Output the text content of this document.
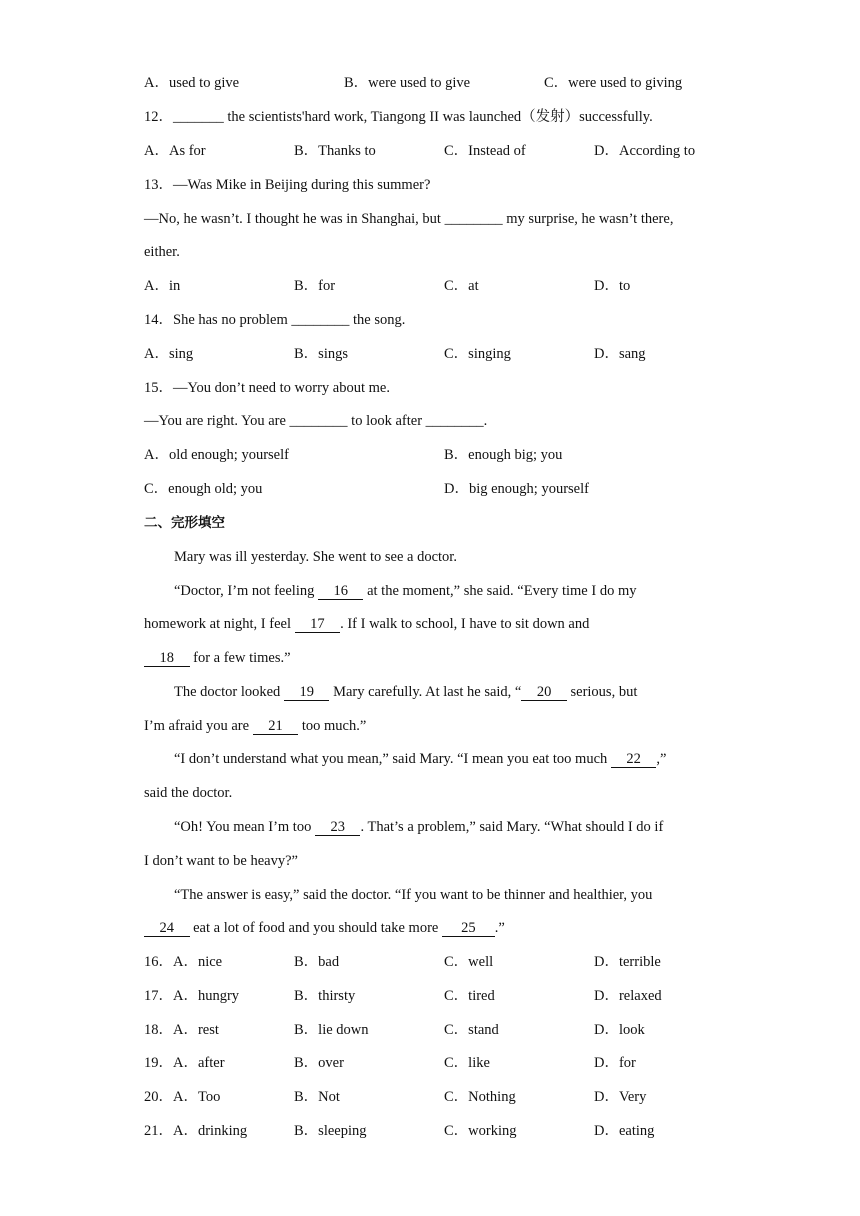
A．used to give	B．were used to give	C．were used to giving
12．_______ the scientists'hard work, Tiangong II was launched（发射）successfully.
A．As for	B．Thanks to	C．Instead of	D．According to
13．—Was Mike in Beijing during this summer?
—No, he wasn’t. I thought he was in Shanghai, but ________ my surprise, he wasn’t there,
either.
A．in	B．for	C．at	D．to
14．She has no problem ________ the song.
A．sing	B．sings	C．singing	D．sang
15．—You don’t need to worry about me.
—You are right. You are ________ to look after ________.
A．old enough; yourself	B．enough big; you
C．enough old; you	D．big enough; yourself
二、完形填空
Mary was ill yesterday. She went to see a doctor.
“Doctor, I’m not feeling     16     at the moment,” she said. “Every time I do my
homework at night, I feel     17    . If I walk to school, I have to sit down and
18     for a few times.”
The doctor looked     19     Mary carefully. At last he said, “    20     serious, but
I’m afraid you are     21     too much.”
“I don’t understand what you mean,” said Mary. “I mean you eat too much     22    ,”
said the doctor.
“Oh! You mean I’m too     23    . That’s a problem,” said Mary. “What should I do if
I don’t want to be heavy?”
“The answer is easy,” said the doctor. “If you want to be thinner and healthier, you
24     eat a lot of food and you should take more      25     .”
16．A．nice	B．bad	C．well	D．terrible
17．A．hungry	B．thirsty	C．tired	D．relaxed
18．A．rest	B．lie down	C．stand	D．look
19．A．after	B．over	C．like	D．for
20．A．Too	B．Not	C．Nothing	D．Very
21．A．drinking	B．sleeping	C．working	D．eating
